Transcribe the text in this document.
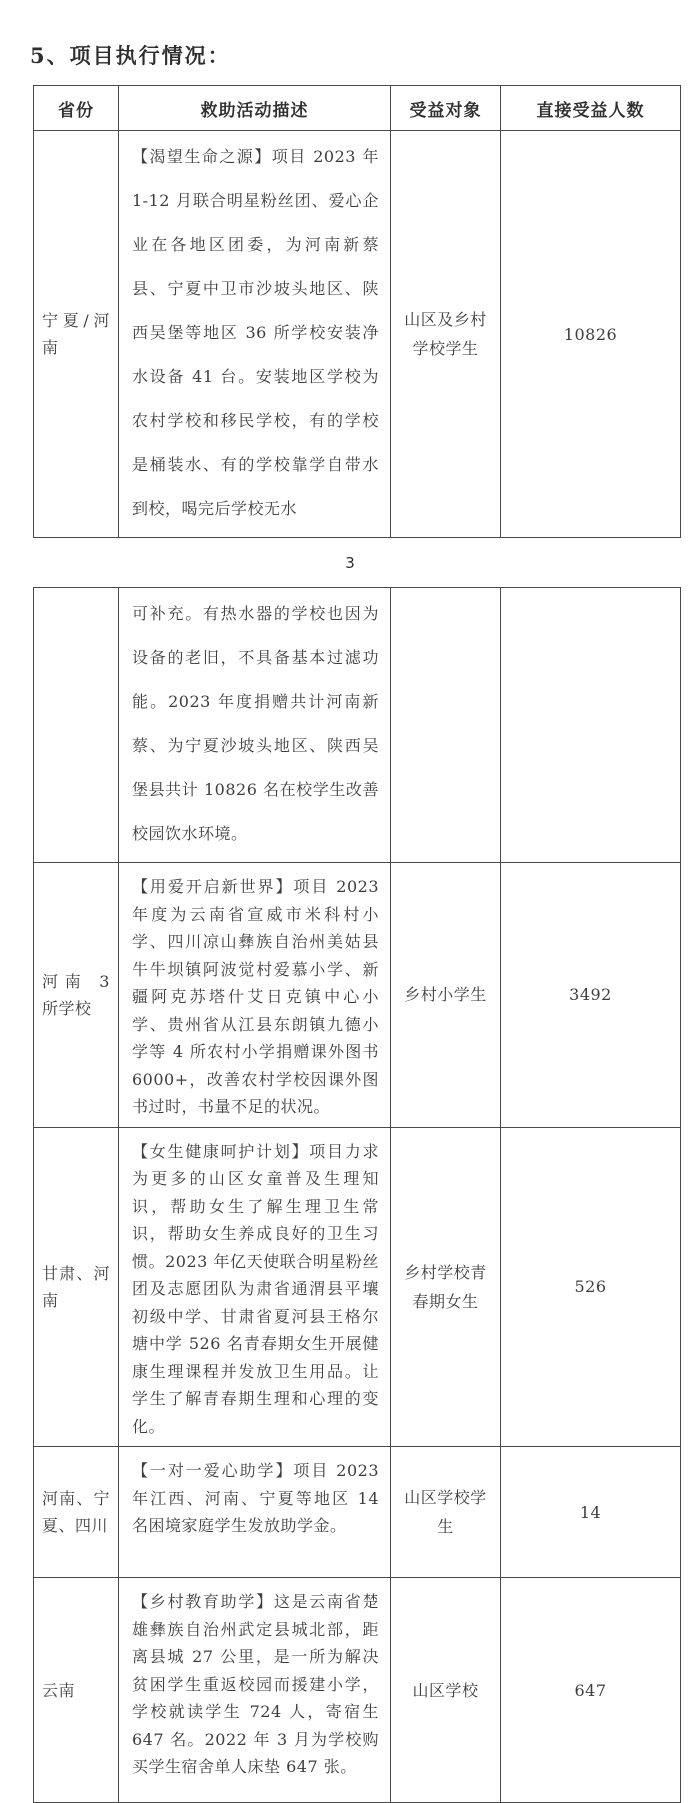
5、项目执行情况：
省份	救助活动描述	受益对象	直接受益人数
宁夏/河南	【渴望生命之源】项目 2023 年 1-12 月联合明星粉丝团、爱心企业在各地区团委，为河南新蔡县、宁夏中卫市沙坡头地区、陕西吴堡等地区 36 所学校安装净水设备 41 台。安装地区学校为农村学校和移民学校，有的学校是桶装水、有的学校靠学自带水到校，喝完后学校无水	山区及乡村学校学生	10826
3
	可补充。有热水器的学校也因为设备的老旧，不具备基本过滤功能。2023 年度捐赠共计河南新蔡、为宁夏沙坡头地区、陕西吴堡县共计 10826 名在校学生改善校园饮水环境。		
河南 3 所学校	【用爱开启新世界】项目 2023 年度为云南省宣威市米科村小学、四川凉山彝族自治州美姑县牛牛坝镇阿波觉村爱慕小学、新疆阿克苏塔什艾日克镇中心小学、贵州省从江县东朗镇九德小学等 4 所农村小学捐赠课外图书 6000+，改善农村学校因课外图书过时，书量不足的状况。	乡村小学生	3492
甘肃、河南	【女生健康呵护计划】项目力求为更多的山区女童普及生理知识，帮助女生了解生理卫生常识，帮助女生养成良好的卫生习惯。2023 年亿天使联合明星粉丝团及志愿团队为肃省通渭县平壤初级中学、甘肃省夏河县王格尔塘中学 526 名青春期女生开展健康生理课程并发放卫生用品。让学生了解青春期生理和心理的变化。	乡村学校青春期女生	526
河南、宁夏、四川	【一对一爱心助学】项目 2023 年江西、河南、宁夏等地区 14 名困境家庭学生发放助学金。	山区学校学生	14
云南	【乡村教育助学】这是云南省楚雄彝族自治州武定县城北部，距离县城 27 公里，是一所为解决贫困学生重返校园而援建小学，学校就读学生 724 人，寄宿生 647 名。2022 年 3 月为学校购买学生宿舍单人床垫 647 张。	山区学校	647
